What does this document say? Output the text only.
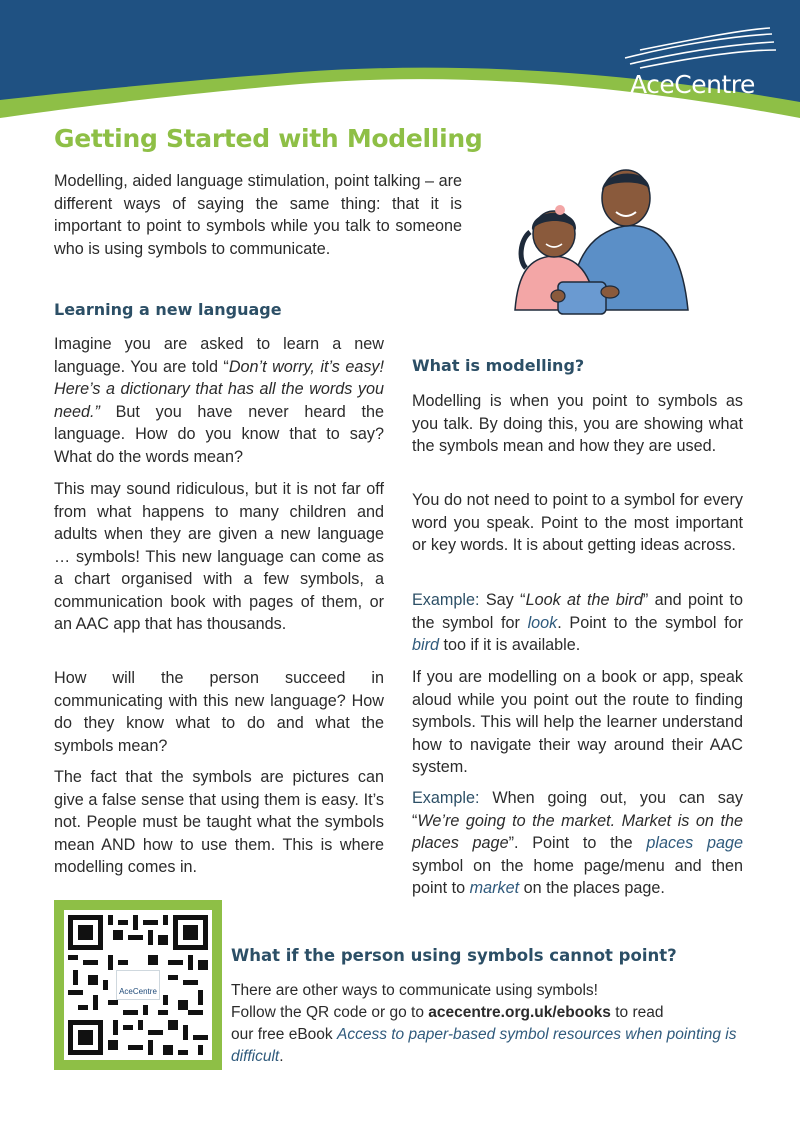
AceCentre
Getting Started with Modelling

Modelling, aided language stimulation, point talking – are different ways of saying the same thing: that it is important to point to symbols while you talk to someone who is using symbols to communicate.

Learning a new language

Imagine you are asked to learn a new language. You are told “Don’t worry, it’s easy! Here’s a dictionary that has all the words you need.” But you have never heard the language. How do you know that to say? What do the words mean?

This may sound ridiculous, but it is not far off from what happens to many children and adults when they are given a new language … symbols! This new language can come as a chart organised with a few symbols, a communication book with pages of them, or an AAC app that has thousands.

How will the person succeed in communicating with this new language? How do they know what to do and what the symbols mean?

The fact that the symbols are pictures can give a false sense that using them is easy. It’s not. People must be taught what the symbols mean AND how to use them. This is where modelling comes in.

What is modelling?

Modelling is when you point to symbols as you talk. By doing this, you are showing what the symbols mean and how they are used.

You do not need to point to a symbol for every word you speak. Point to the most important or key words. It is about getting ideas across.

Example: Say “Look at the bird” and point to the symbol for look. Point to the symbol for bird too if it is available.

If you are modelling on a book or app, speak aloud while you point out the route to finding symbols. This will help the learner understand how to navigate their way around their AAC system.

Example: When going out, you can say “We’re going to the market. Market is on the places page”. Point to the places page symbol on the home page/menu and then point to market on the places page.

AceCentre
What if the person using symbols cannot point?

There are other ways to communicate using symbols!
Follow the QR code or go to acecentre.org.uk/ebooks to read
our free eBook Access to paper-based symbol resources when pointing is difficult.
